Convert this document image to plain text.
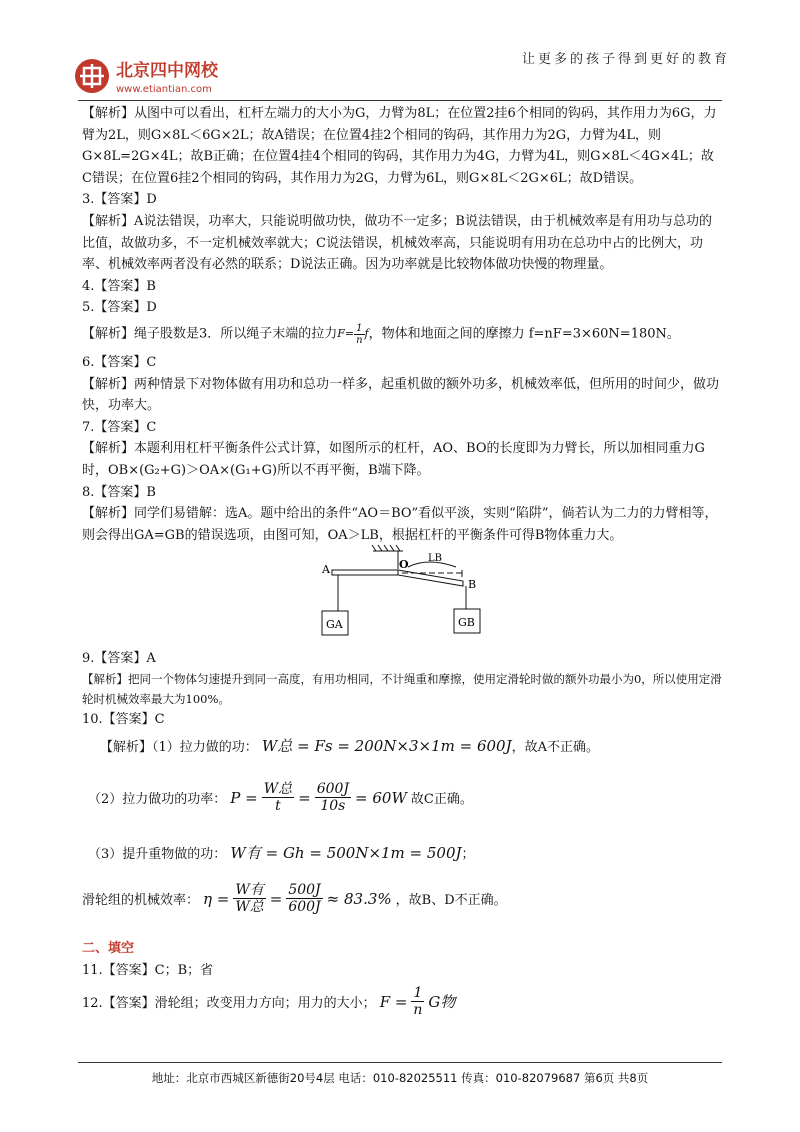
北京四中网校
www.etiantian.com
让更多的孩子得到更好的教育

【解析】从图中可以看出，杠杆左端力的大小为G，力臂为8L；在位置2挂6个相同的钩码，其作用力为6G，力臂为2L，则G×8L＜6G×2L；故A错误；在位置4挂2个相同的钩码，其作用力为2G，力臂为4L，则G×8L=2G×4L；故B正确；在位置4挂4个相同的钩码，其作用力为4G，力臂为4L，则G×8L＜4G×4L；故C错误；在位置6挂2个相同的钩码，其作用力为2G，力臂为6L，则G×8L＜2G×6L；故D错误。

3.【答案】D

【解析】A说法错误，功率大，只能说明做功快，做功不一定多；B说法错误，由于机械效率是有用功与总功的比值，故做功多，不一定机械效率就大；C说法错误，机械效率高，只能说明有用功在总功中占的比例大，功率、机械效率两者没有必然的联系；D说法正确。因为功率就是比较物体做功快慢的物理量。

4.【答案】B

5.【答案】D

【解析】绳子股数是3．所以绳子末端的拉力$F= \frac{1}{n}$ f，物体和地面之间的摩擦力 f=nF=3×60N=180N。

6.【答案】C

【解析】两种情景下对物体做有用功和总功一样多，起重机做的额外功多，机械效率低，但所用的时间少，做功快，功率大。

7.【答案】C

【解析】本题利用杠杆平衡条件公式计算，如图所示的杠杆，AO、BO的长度即为力臂长，所以加相同重力G时，OB×(G₂+G)＞OA×(G₁+G)所以不再平衡，B端下降。

8.【答案】B

【解析】同学们易错解：选A。题中给出的条件“AO＝BO”看似平淡，实则“陷阱”，倘若认为二力的力臂相等，则会得出GA=GB的错误选项，由图可知，OA＞LB，根据杠杆的平衡条件可得B物体重力大。

A	O
B
LB
GA	GB

9.【答案】A

【解析】把同一个物体匀速提升到同一高度，有用功相同，不计绳重和摩擦，使用定滑轮时做的额外功最小为0，所以使用定滑轮时机械效率最大为100%。

10.【答案】C

【解析】（1）拉力做的功： W总 = Fs = 200N×3×1m = 600J，故A不正确。
（2）拉力做功的功率： $P = \frac{\text{W总}}{t} = \frac{600J}{10s} = 60W$ 故C正确。
（3）提升重物做的功： W有 = Gh = 500N×1m = 500J；
滑轮组的机械效率： $\eta = \frac{\text{W有}}{\text{W总}} = \frac{500J}{600J} \approx 83.3\%$ ，故B、D不正确。

二、填空

11.【答案】C；B；省

12.【答案】滑轮组；改变用力方向；用力的大小； $F = \frac{1}{n}$ G物
地址：北京市西城区新德街20号4层 电话：010-82025511 传真：010-82079687 第6页 共8页
